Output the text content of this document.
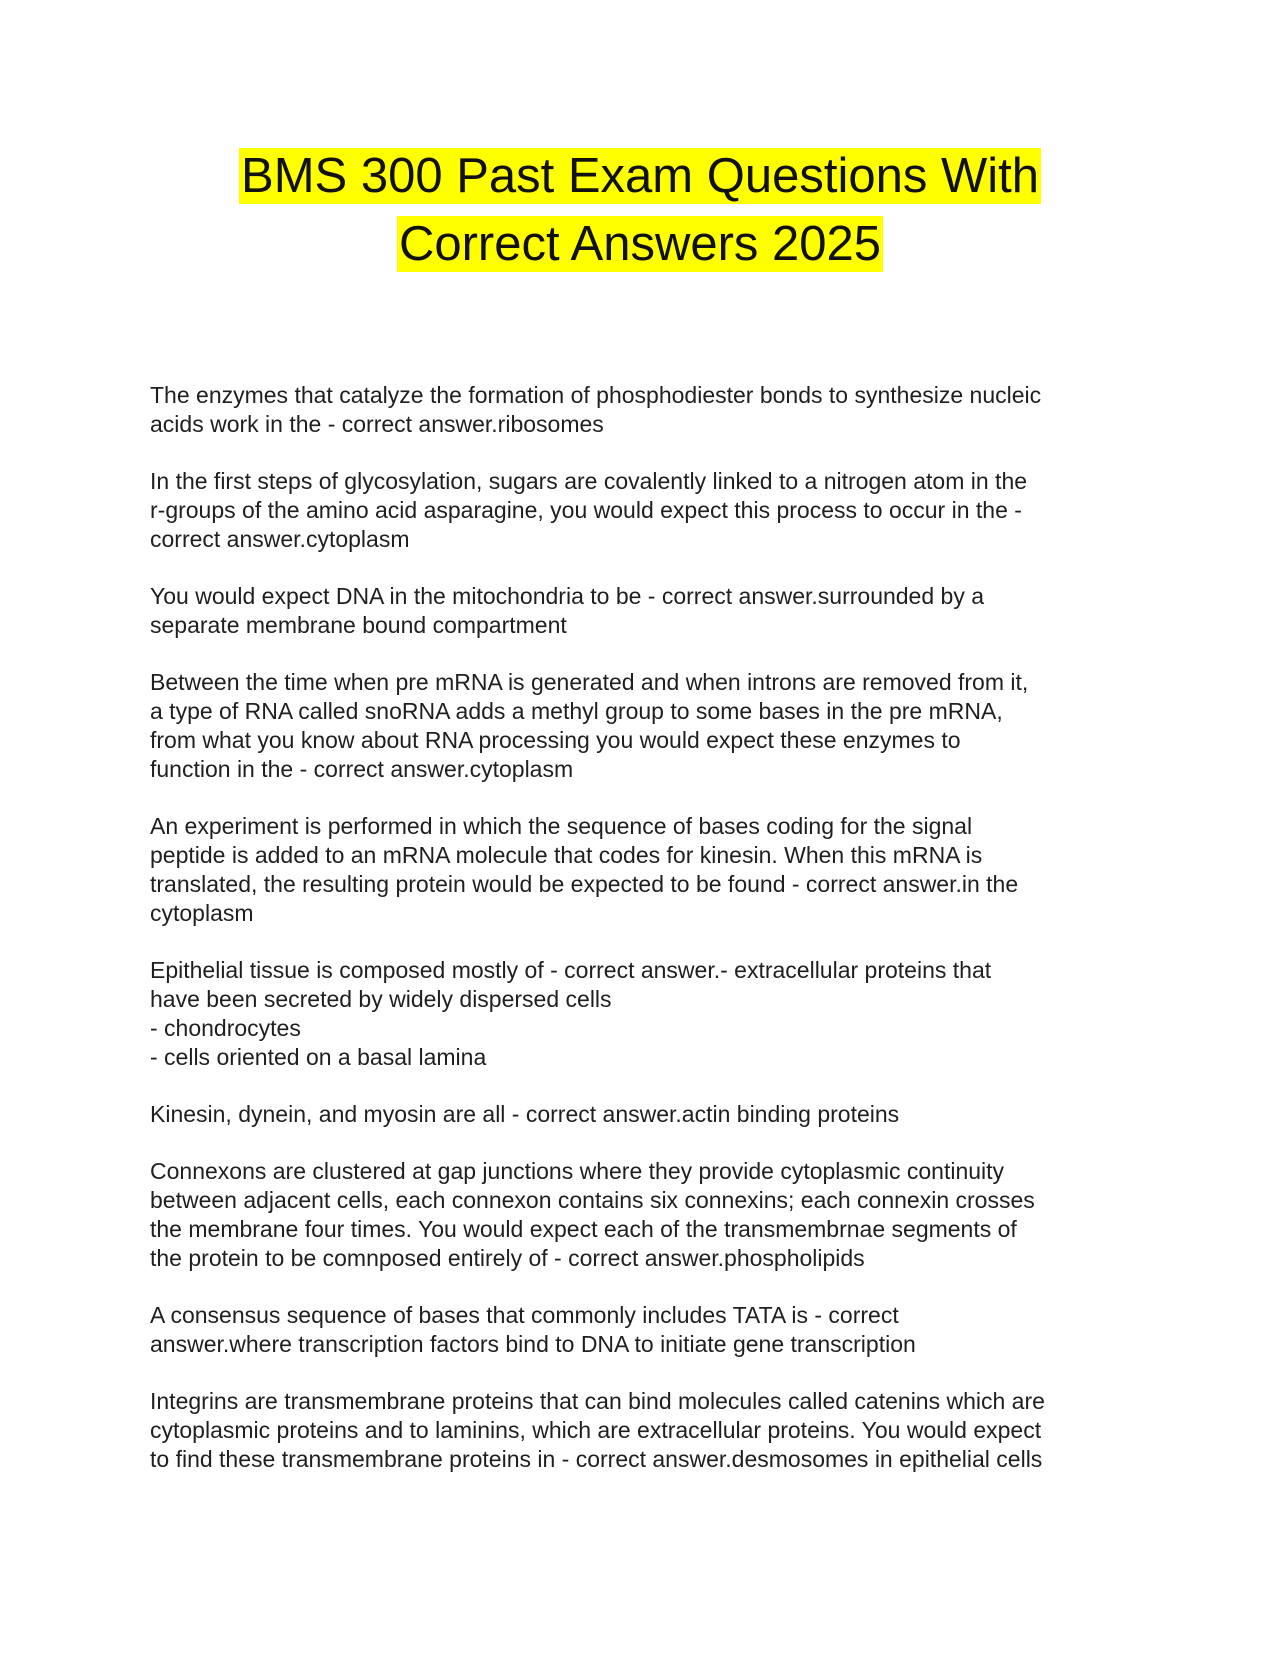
BMS 300 Past Exam Questions With
Correct Answers 2025
The enzymes that catalyze the formation of phosphodiester bonds to synthesize nucleic
acids work in the - correct answer.ribosomes
In the first steps of glycosylation, sugars are covalently linked to a nitrogen atom in the
r-groups of the amino acid asparagine, you would expect this process to occur in the -
correct answer.cytoplasm
You would expect DNA in the mitochondria to be - correct answer.surrounded by a
separate membrane bound compartment
Between the time when pre mRNA is generated and when introns are removed from it,
a type of RNA called snoRNA adds a methyl group to some bases in the pre mRNA,
from what you know about RNA processing you would expect these enzymes to
function in the - correct answer.cytoplasm
An experiment is performed in which the sequence of bases coding for the signal
peptide is added to an mRNA molecule that codes for kinesin. When this mRNA is
translated, the resulting protein would be expected to be found - correct answer.in the
cytoplasm
Epithelial tissue is composed mostly of - correct answer.- extracellular proteins that
have been secreted by widely dispersed cells
- chondrocytes
- cells oriented on a basal lamina
Kinesin, dynein, and myosin are all - correct answer.actin binding proteins
Connexons are clustered at gap junctions where they provide cytoplasmic continuity
between adjacent cells, each connexon contains six connexins; each connexin crosses
the membrane four times. You would expect each of the transmembrnae segments of
the protein to be comnposed entirely of - correct answer.phospholipids
A consensus sequence of bases that commonly includes TATA is - correct
answer.where transcription factors bind to DNA to initiate gene transcription
Integrins are transmembrane proteins that can bind molecules called catenins which are
cytoplasmic proteins and to laminins, which are extracellular proteins. You would expect
to find these transmembrane proteins in - correct answer.desmosomes in epithelial cells
